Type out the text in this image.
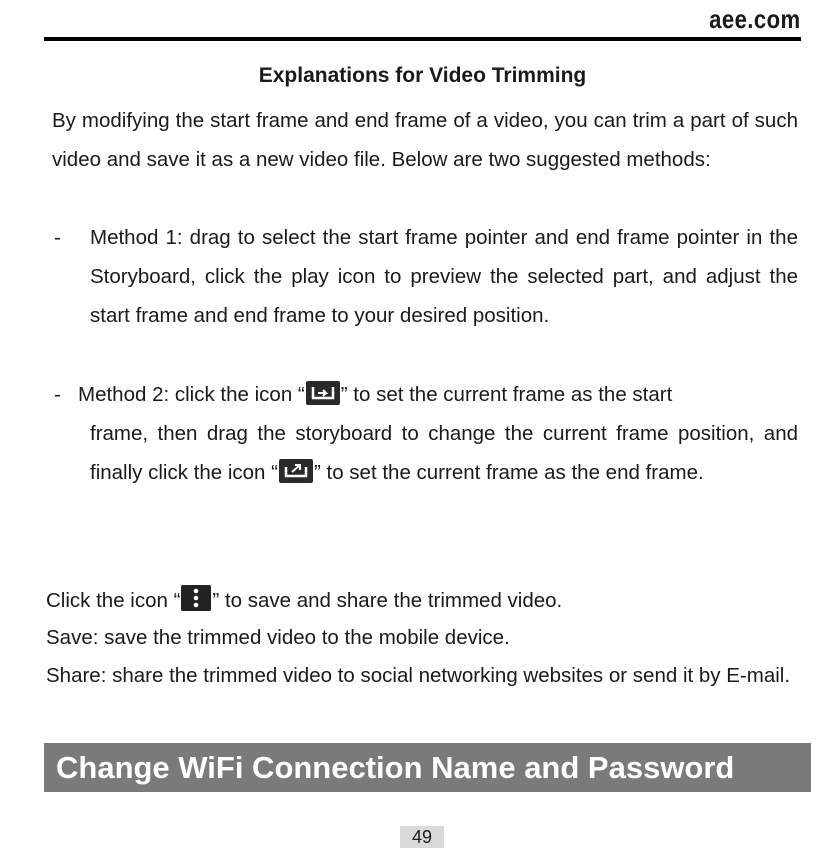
aee.com
Explanations for Video Trimming
By modifying the start frame and end frame of a video, you can trim a part of such video and save it as a new video file. Below are two suggested methods:
- Method 1: drag to select the start frame pointer and end frame pointer in the Storyboard, click the play icon to preview the selected part, and adjust the start frame and end frame to your desired position.
- Method 2: click the icon “ ” to set the current frame as the start
frame, then drag the storyboard to change the current frame position, and finally click the icon “ ” to set the current frame as the end frame.
Click the icon “ ” to save and share the trimmed video.
Save: save the trimmed video to the mobile device.
Share: share the trimmed video to social networking websites or send it by E-mail.
Change WiFi Connection Name and Password
49
